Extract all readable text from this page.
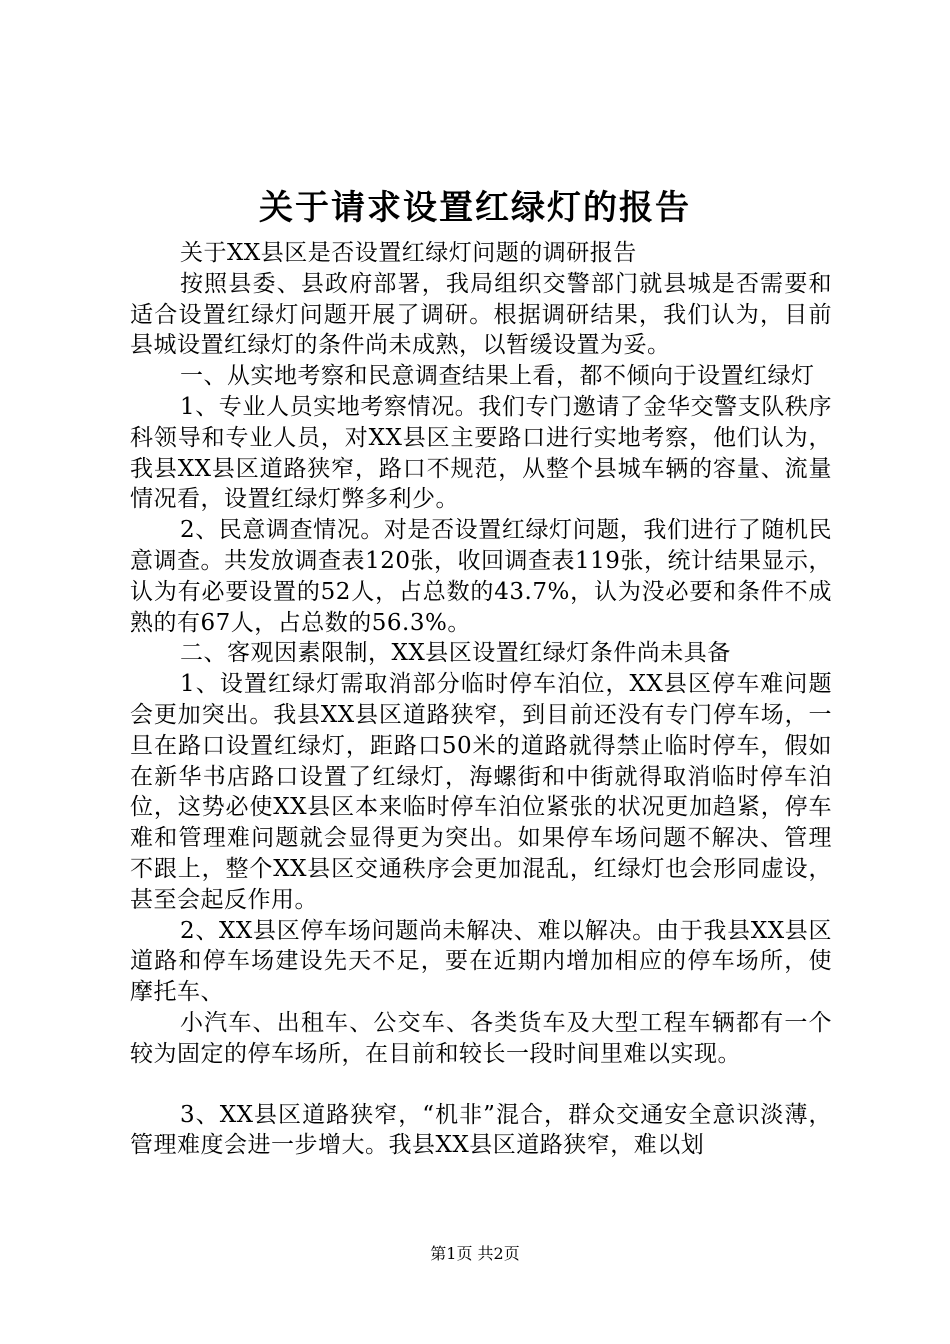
关于请求设置红绿灯的报告

关于XX县区是否设置红绿灯问题的调研报告

按照县委、县政府部署，我局组织交警部门就县城是否需要和适合设置红绿灯问题开展了调研。根据调研结果，我们认为，目前县城设置红绿灯的条件尚未成熟，以暂缓设置为妥。

一、从实地考察和民意调查结果上看，都不倾向于设置红绿灯

1、专业人员实地考察情况。我们专门邀请了金华交警支队秩序科领导和专业人员，对XX县区主要路口进行实地考察，他们认为，我县XX县区道路狭窄，路口不规范，从整个县城车辆的容量、流量情况看，设置红绿灯弊多利少。

2、民意调查情况。对是否设置红绿灯问题，我们进行了随机民意调查。共发放调查表120张，收回调查表119张，统计结果显示，认为有必要设置的52人，占总数的43.7%，认为没必要和条件不成熟的有67人，占总数的56.3%。

二、客观因素限制，XX县区设置红绿灯条件尚未具备

1、设置红绿灯需取消部分临时停车泊位，XX县区停车难问题会更加突出。我县XX县区道路狭窄，到目前还没有专门停车场，一旦在路口设置红绿灯，距路口50米的道路就得禁止临时停车，假如在新华书店路口设置了红绿灯，海螺街和中街就得取消临时停车泊位，这势必使XX县区本来临时停车泊位紧张的状况更加趋紧，停车难和管理难问题就会显得更为突出。如果停车场问题不解决、管理不跟上，整个XX县区交通秩序会更加混乱，红绿灯也会形同虚设，甚至会起反作用。

2、XX县区停车场问题尚未解决、难以解决。由于我县XX县区道路和停车场建设先天不足，要在近期内增加相应的停车场所，使摩托车、

小汽车、出租车、公交车、各类货车及大型工程车辆都有一个较为固定的停车场所，在目前和较长一段时间里难以实现。

3、XX县区道路狭窄，“机非”混合，群众交通安全意识淡薄，管理难度会进一步增大。我县XX县区道路狭窄，难以划

第1页 共2页
